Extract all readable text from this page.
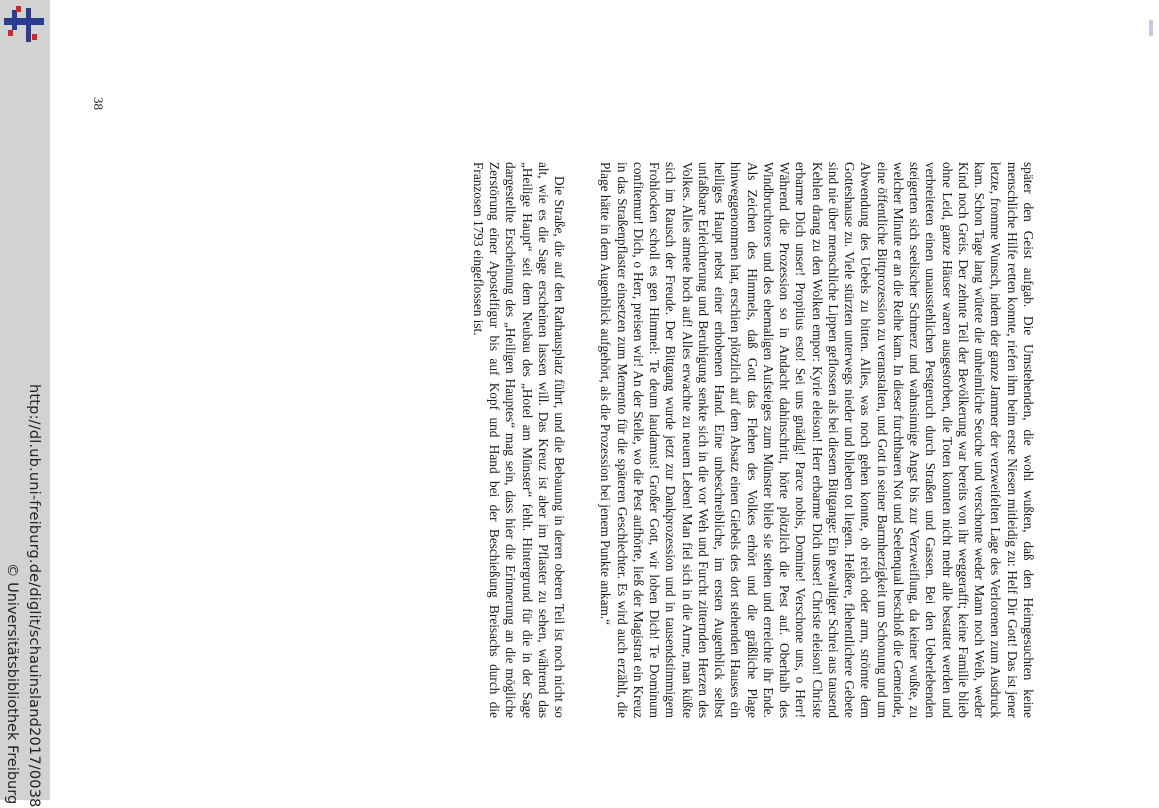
http://dl.ub.uni-freiburg.de/diglit/schauinsland2017/0038
© Universitätsbibliothek Freiburg
38

später den Geist aufgab. Die Umstehenden, die wohl wußten, daß den Heimgesuchten keine menschliche Hilfe retten konnte, riefen ihm beim erste Niesen mitleidig zu: Helf Dir Gott! Das ist jener letzte, fromme Wunsch, indem der ganze Jammer der verzweifelten Lage des Verlorenen zum Ausdruck kam. Schon Tage lang wütete die unheimliche Seuche und verschonte weder Mann noch Weib, weder Kind noch Greis. Der zehnte Teil der Bevölkerung war bereits von ihr weggerafft; keine Familie blieb ohne Leid, ganze Häuser waren ausgestorben, die Toten konnten nicht mehr alle bestattet werden und verbreiteten einen unausstehlichen Pestgeruch durch Straßen und Gassen. Bei den Ueberlebenden steigerten sich seelischer Schmerz und wahnsinnige Angst bis zur Verzweiflung, da keiner wußte, zu welcher Minute er an die Reihe kam. In dieser furchtbaren Not und Seelenqual beschloß die Gemeinde, eine öffentliche Bittprozession zu veranstalten, und Gott in seiner Barmherzigkeit um Schonung und um Abwendung des Uebels zu bitten. Alles, was noch gehen konnte, ob reich oder arm, strömte dem Gotteshause zu. Viele stürzten unterwegs nieder und blieben tot liegen. Heißere, flehentlichere Gebete sind nie über menschliche Lippen geflossen als bei diesem Bittgange: Ein gewaltiger Schrei aus tausend Kehlen drang zu den Wolken empor: Kyrie eleison! Herr erbarme Dich unser! Christe eleison! Christe erbarme Dich unser! Propitius esto! Sei uns gnädig! Parce nobis, Domine! Verschone uns, o Herr! Während die Prozession so in Andacht dahinschritt, hörte plötzlich die Pest auf. Oberhalb des Windbruchtores und des ehemaligen Aufsteiges zum Münster blieb sie stehen und erreichte ihr Ende. Als Zeichen des Himmels, daß Gott das Flehen des Volkes erhört und die gräßliche Plage hinweggenommen hat, erschien plötzlich auf dem Absatz einen Giebels des dort stehenden Hauses ein heiliges Haupt nebst einer erhobenen Hand. Eine unbeschreibliche, im ersten Augenblick selbst unfaßbare Erleichterung und Beruhigung senkte sich in die vor Weh und Furcht zitternden Herzen des Volkes. Alles atmete hoch auf! Alles erwachte zu neuem Leben! Man fiel sich in die Arme, man küßte sich im Rausch der Freude. Der Bittgang wurde jetzt zur Dankprozession und in tausendstimmigem Frohlocken scholl es gen Himmel: Te deum laudamus! Großer Gott, wir loben Dich! Te Dominum confitemur! Dich, o Herr, preisen wir! An der Stelle, wo die Pest aufhörte, ließ der Magistrat ein Kreuz in das Straßenpflaster einsetzen zum Memento für die späteren Geschlechter. Es wird auch erzählt, die Plage hätte in dem Augenblick aufgehört, als die Prozession bei jenem Punkte ankam.“

Die Straße, die auf den Rathausplatz führt, und die Bebauung in deren oberen Teil ist noch nicht so alt, wie es die Sage erscheinen lassen will. Das Kreuz ist aber im Pflaster zu sehen, während das „Heilige Haupt“ seit dem Neubau des „Hotel am Münster“ fehlt. Hintergrund für die in der Sage dargestellte Erscheinung des „Heiligen Hauptes“ mag sein, dass hier die Erinnerung an die mögliche Zerstörung einer Apostelfigur bis auf Kopf und Hand bei der Beschießung Breisachs durch die Franzosen 1793 eingeflossen ist.
